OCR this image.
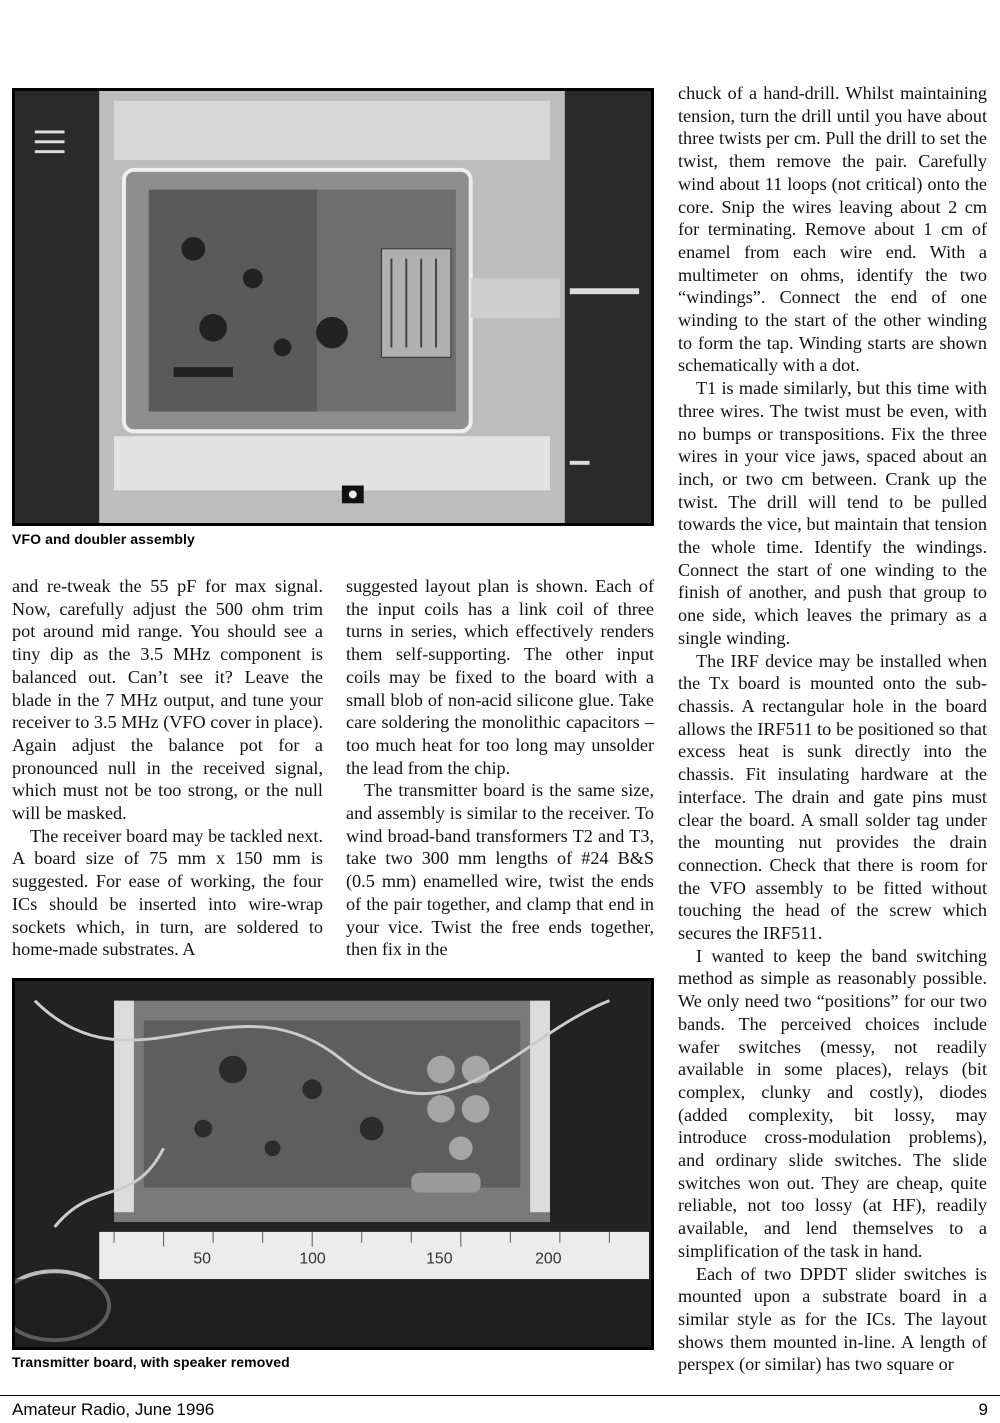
VFO and doubler assembly

and re-tweak the 55 pF for max signal. Now, carefully adjust the 500 ohm trim pot around mid range. You should see a tiny dip as the 3.5 MHz component is balanced out. Can’t see it? Leave the blade in the 7 MHz output, and tune your receiver to 3.5 MHz (VFO cover in place). Again adjust the balance pot for a pronounced null in the received signal, which must not be too strong, or the null will be masked.

The receiver board may be tackled next. A board size of 75 mm x 150 mm is suggested. For ease of working, the four ICs should be inserted into wire-wrap sockets which, in turn, are soldered to home-made substrates. A

suggested layout plan is shown. Each of the input coils has a link coil of three turns in series, which effectively renders them self-supporting. The other input coils may be fixed to the board with a small blob of non-acid silicone glue. Take care soldering the monolithic capacitors – too much heat for too long may unsolder the lead from the chip.

The transmitter board is the same size, and assembly is similar to the receiver. To wind broad-band transformers T2 and T3, take two 300 mm lengths of #24 B&S (0.5 mm) enamelled wire, twist the ends of the pair together, and clamp that end in your vice. Twist the free ends together, then fix in the

chuck of a hand-drill. Whilst maintaining tension, turn the drill until you have about three twists per cm. Pull the drill to set the twist, them remove the pair. Carefully wind about 11 loops (not critical) onto the core. Snip the wires leaving about 2 cm for terminating. Remove about 1 cm of enamel from each wire end. With a multimeter on ohms, identify the two “windings”. Connect the end of one winding to the start of the other winding to form the tap. Winding starts are shown schematically with a dot.

T1 is made similarly, but this time with three wires. The twist must be even, with no bumps or transpositions. Fix the three wires in your vice jaws, spaced about an inch, or two cm between. Crank up the twist. The drill will tend to be pulled towards the vice, but maintain that tension the whole time. Identify the windings. Connect the start of one winding to the finish of another, and push that group to one side, which leaves the primary as a single winding.

The IRF device may be installed when the Tx board is mounted onto the sub-chassis. A rectangular hole in the board allows the IRF511 to be positioned so that excess heat is sunk directly into the chassis. Fit insulating hardware at the interface. The drain and gate pins must clear the board. A small solder tag under the mounting nut provides the drain connection. Check that there is room for the VFO assembly to be fitted without touching the head of the screw which secures the IRF511.

I wanted to keep the band switching method as simple as reasonably possible. We only need two “positions” for our two bands. The perceived choices include wafer switches (messy, not readily available in some places), relays (bit complex, clunky and costly), diodes (added complexity, bit lossy, may introduce cross-modulation problems), and ordinary slide switches. The slide switches won out. They are cheap, quite reliable, not too lossy (at HF), readily available, and lend themselves to a simplification of the task in hand.

Each of two DPDT slider switches is mounted upon a substrate board in a similar style as for the ICs. The layout shows them mounted in-line. A length of perspex (or similar) has two square or

50	100	150	200
Transmitter board, with speaker removed
Amateur Radio, June 1996	9
